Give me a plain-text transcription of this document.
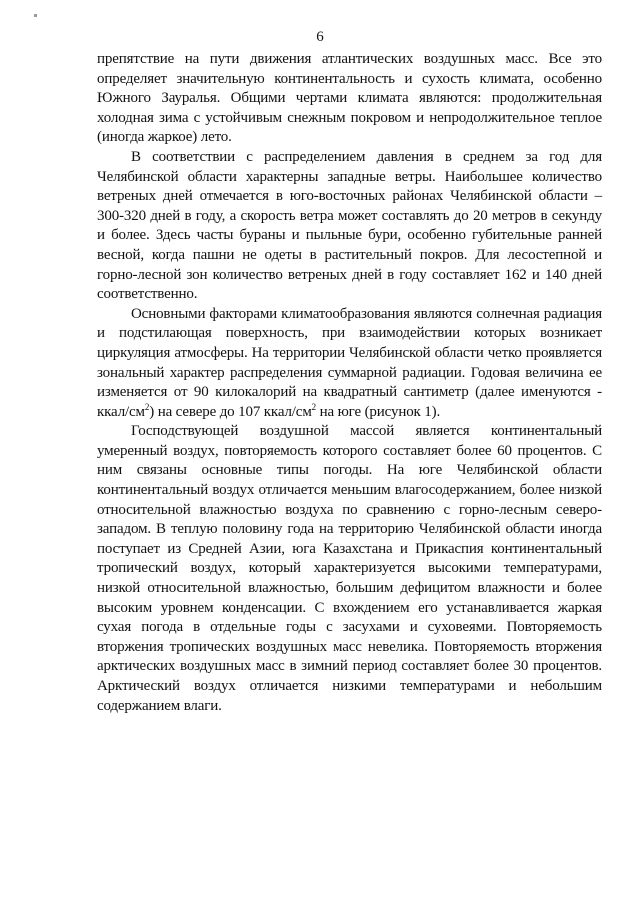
6

препятствие на пути движения атлантических воздушных масс. Все это определяет значительную континентальность и сухость климата, особенно Южного Зауралья. Общими чертами климата являются: продолжительная холодная зима с устойчивым снежным покровом и непродолжительное теплое (иногда жаркое) лето.

В соответствии с распределением давления в среднем за год для Челябинской области характерны западные ветры. Наибольшее количество ветреных дней отмечается в юго-восточных районах Челябинской области – 300-320 дней в году, а скорость ветра может составлять до 20 метров в секунду и более. Здесь часты бураны и пыльные бури, особенно губительные ранней весной, когда пашни не одеты в растительный покров. Для лесостепной и горно-лесной зон количество ветреных дней в году составляет 162 и 140 дней соответственно.

Основными факторами климатообразования являются солнечная радиация и подстилающая поверхность, при взаимодействии которых возникает циркуляция атмосферы. На территории Челябинской области четко проявляется зональный характер распределения суммарной радиации. Годовая величина ее изменяется от 90 килокалорий на квадратный сантиметр (далее именуются - ккал/$см^2$) на севере до 107 ккал/$см^2$ на юге (рисунок 1).

Господствующей воздушной массой является континентальный умеренный воздух, повторяемость которого составляет более 60 процентов. С ним связаны основные типы погоды. На юге Челябинской области континентальный воздух отличается меньшим влагосодержанием, более низкой относительной влажностью воздуха по сравнению с горно-лесным северо-западом. В теплую половину года на территорию Челябинской области иногда поступает из Средней Азии, юга Казахстана и Прикаспия континентальный тропический воздух, который характеризуется высокими температурами, низкой относительной влажностью, большим дефицитом влажности и более высоким уровнем конденсации. С вхождением его устанавливается жаркая сухая погода в отдельные годы с засухами и суховеями. Повторяемость вторжения тропических воздушных масс невелика. Повторяемость вторжения арктических воздушных масс в зимний период составляет более 30 процентов. Арктический воздух отличается низкими температурами и небольшим содержанием влаги.
